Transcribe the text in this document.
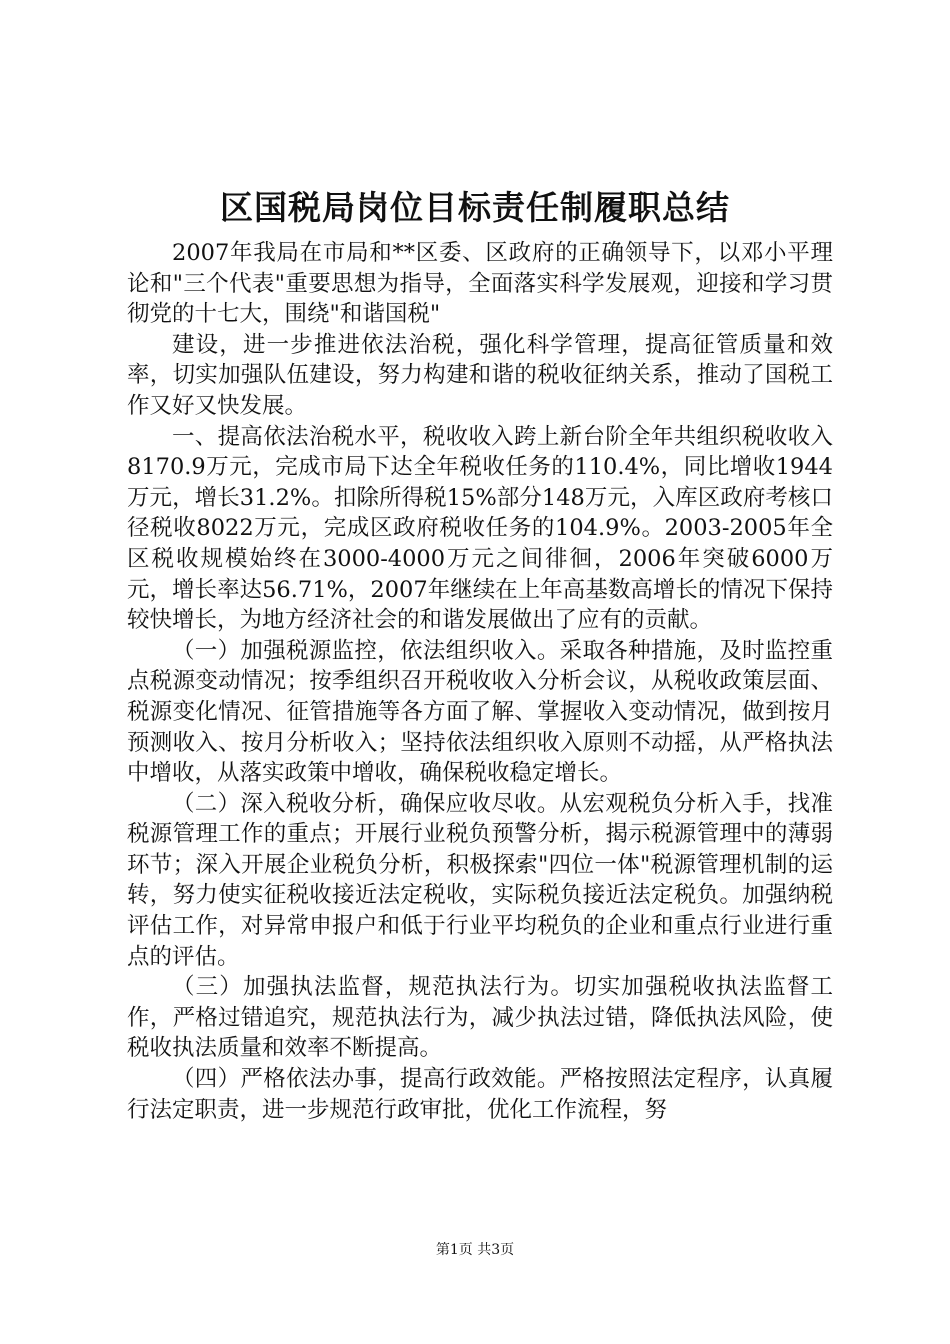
区国税局岗位目标责任制履职总结

2007年我局在市局和**区委、区政府的正确领导下，以邓小平理论和"三个代表"重要思想为指导，全面落实科学发展观，迎接和学习贯彻党的十七大，围绕"和谐国税"

建设，进一步推进依法治税，强化科学管理，提高征管质量和效率，切实加强队伍建设，努力构建和谐的税收征纳关系，推动了国税工作又好又快发展。

一、提高依法治税水平，税收收入跨上新台阶全年共组织税收收入8170.9万元，完成市局下达全年税收任务的110.4%，同比增收1944万元，增长31.2%。扣除所得税15%部分148万元，入库区政府考核口径税收8022万元，完成区政府税收任务的104.9%。2003-2005年全区税收规模始终在3000-4000万元之间徘徊，2006年突破6000万元，增长率达56.71%，2007年继续在上年高基数高增长的情况下保持较快增长，为地方经济社会的和谐发展做出了应有的贡献。

（一）加强税源监控，依法组织收入。采取各种措施，及时监控重点税源变动情况；按季组织召开税收收入分析会议，从税收政策层面、税源变化情况、征管措施等各方面了解、掌握收入变动情况，做到按月预测收入、按月分析收入；坚持依法组织收入原则不动摇，从严格执法中增收，从落实政策中增收，确保税收稳定增长。

（二）深入税收分析，确保应收尽收。从宏观税负分析入手，找准税源管理工作的重点；开展行业税负预警分析，揭示税源管理中的薄弱环节；深入开展企业税负分析，积极探索"四位一体"税源管理机制的运转，努力使实征税收接近法定税收，实际税负接近法定税负。加强纳税评估工作，对异常申报户和低于行业平均税负的企业和重点行业进行重点的评估。

（三）加强执法监督，规范执法行为。切实加强税收执法监督工作，严格过错追究，规范执法行为，减少执法过错，降低执法风险，使税收执法质量和效率不断提高。

（四）严格依法办事，提高行政效能。严格按照法定程序，认真履行法定职责，进一步规范行政审批，优化工作流程，努

第1页 共3页
